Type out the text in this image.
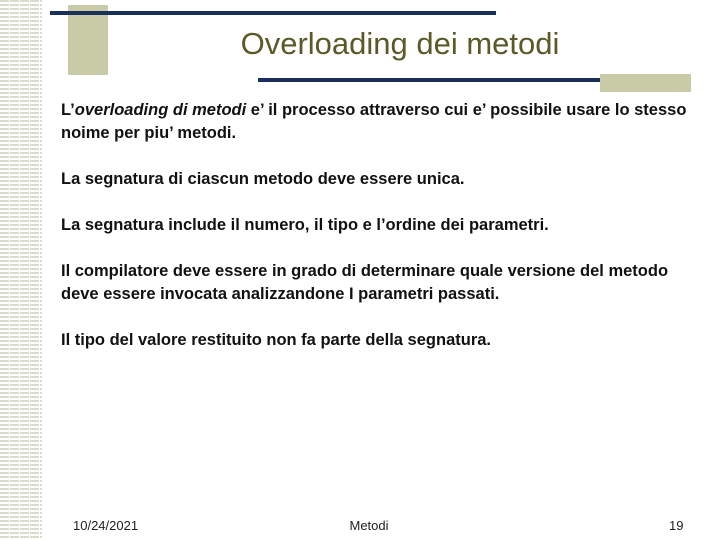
Overloading dei metodi

L’overloading di metodi e’ il processo attraverso cui e’ possibile usare lo stesso noime per piu’ metodi.

La segnatura di ciascun metodo deve essere unica.

La segnatura include il numero, il tipo e l’ordine dei parametri.

Il compilatore deve essere in grado di determinare quale versione del metodo deve essere invocata analizzandone I parametri passati.

Il tipo del valore restituito non fa parte della segnatura.

10/24/2021	Metodi	19
